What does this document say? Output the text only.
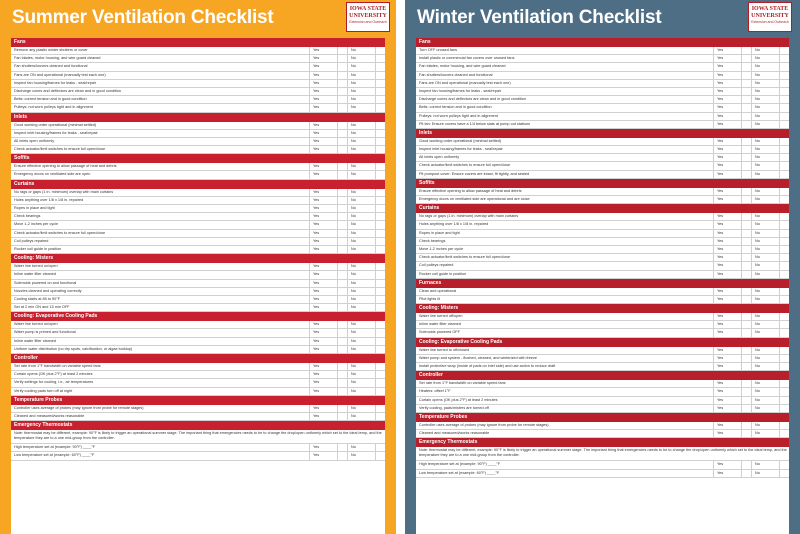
Summer Ventilation Checklist	IOWA STATE
UNIVERSITY
Extension and Outreach
Fans
Remove any plastic winter shutters or cover	Yes	No
Fan blades, motor housing, and wire guard cleaned	Yes	No
Fan shutters/louvers cleaned and functional	Yes	No
Fans are ON and operational (manually test each one)	Yes	No
Inspect fan housing/frames for leaks - seal/repair	Yes	No
Discharge cones and deflectors are clean and in good condition	Yes	No
Belts: correct tension and in good condition	Yes	No
Pulleys: not worn pulleys tight and in alignment	Yes	No
Inlets
Good working order operational (minimal settled)	Yes	No
Inspect inlet housing/frames for leaks - seal/repair	Yes	No
All inlets open uniformly	Yes	No
Check actuator/limit switches to ensure full open/close	Yes	No
Soffits
Ensure effective opening to allow passage of heat and debris	Yes	No
Emergency doors on ventilated side are open	Yes	No
Curtains
No rags or gaps (1 in. minimum) overlap with main curtains	Yes	No
Holes anything over 1/8 x 1/8 in. repaired	Yes	No
Ropes in place and tight	Yes	No
Check bearings	Yes	No
Move 1-2 inches per cycle	Yes	No
Check actuator/limit switches to ensure full open/close	Yes	No
Coil pulleys repaired	Yes	No
Rocker coil guide in position	Yes	No
Cooling: Misters
Water line turned on/open	Yes	No
Inline water filter cleaned	Yes	No
Solenoids powered on and functional	Yes	No
Nozzles cleaned and operating correctly	Yes	No
Cooling starts at 85 to 90°F	Yes	No
Set at 2 min ON and 15 min OFF	Yes	No
Cooling: Evaporative Cooling Pads
Water line turned on/open	Yes	No
Water pump is primed and functional	Yes	No
Inline water filter cleaned	Yes	No
Uniform water distribution (no dry spots, calcification, or algae buildup)	Yes	No
Controller
Set rate from 1°F bandwidth on variable speed fans	Yes	No
Curtain opens (OK plus 2°F) at least 2 minutes	Yes	No
Verify settings for cooling, i.e., air temperatures	Yes	No
Verify cooling pads turn off at night	Yes	No
Temperature Probes
Controller uses average of probes (may ignore from probe for remote stages)	Yes	No
Cleaned and measured/works reasonable	Yes	No
Emergency Thermostats
Note: thermostat may be different, example: 90°F is likely to trigger an operational summer stage. The important thing that emergencies needs to be to change the drop/open uniformly which set to the ideal temp, and the temperature they are to a one mid-group from the controller.
High temperature set at (example: 90°F) ____°F	Yes	No
Low temperature set at (example: 60°F) ____°F	Yes	No
Winter Ventilation Checklist	IOWA STATE
UNIVERSITY
Extension and Outreach
Fans
Turn OFF unused fans	Yes	No
Install plastic or commercial fan covers over unused fans	Yes	No
Fan blades, motor housing, and wire guard cleaned	Yes	No
Fan shutters/louvers cleaned and functional	Yes	No
Fans are ON and operational (manually test each one)	Yes	No
Inspect fan housing/frames for leaks - seal/repair	Yes	No
Discharge cones and deflectors are clean and in good condition	Yes	No
Belts: correct tension and in good condition	Yes	No
Pulleys: not worn pulleys tight and in alignment	Yes	No
Pit fan: Ensure covers have a 1/4 below slats at pump out stations	Yes	No
Inlets
Good working order operational (minimal settled)	Yes	No
Inspect inlet housing/frames for leaks - seal/repair	Yes	No
All inlets open uniformly	Yes	No
Check actuator/limit switches to ensure full open/close	Yes	No
Pit pumpout cover: Ensure covers are intact, fit tightly, and sealed	Yes	No
Soffits
Ensure effective opening to allow passage of heat and debris	Yes	No
Emergency doors on ventilated side are operational and are close	Yes	No
Curtains
No rags or gaps (1 in. minimum) overlap with main curtains	Yes	No
Holes anything over 1/8 x 1/8 in. repaired	Yes	No
Ropes in place and tight	Yes	No
Check bearings	Yes	No
Move 1-2 inches per cycle	Yes	No
Check actuator/limit switches to ensure full open/close	Yes	No
Coil pulleys repaired	Yes	No
Rocker coil guide in position	Yes	No
Furnaces
Clean and operational	Yes	No
Pilot lights lit	Yes	No
Cooling: Misters
Water line turned off/open	Yes	No
Inline water filter cleaned	Yes	No
Solenoids powered OFF	Yes	No
Cooling: Evaporative Cooling Pads
Water line turned to off/closed	Yes	No
Water pump and system - flushed, cleaned, and winterized with freeze	Yes	No
Install protective wrap (inside of pads on inlet side) and use action to reduce draft	Yes	No
Controller
Set rate from 1°F bandwidth on variable speed fans	Yes	No
Heaters: offset 1°F	Yes	No
Curtain opens (OK plus 2°F) at least 2 minutes	Yes	No
Verify cooling, pads/misters are turned off	Yes	No
Temperature Probes
Controller uses average of probes (may ignore from probe for remote stages)	Yes	No
Cleaned and measured/works reasonable	Yes	No
Emergency Thermostats
Note: thermostat may be different, example: 90°F is likely to trigger an operational summer stage. The important thing that emergencies needs to be to change the drop/open uniformly which set to the ideal temp, and the temperature they are to a one mid-group from the controller.
High temperature set at (example: 90°F) ____°F	Yes	No
Low temperature set at (example: 60°F) ____°F	Yes	No
